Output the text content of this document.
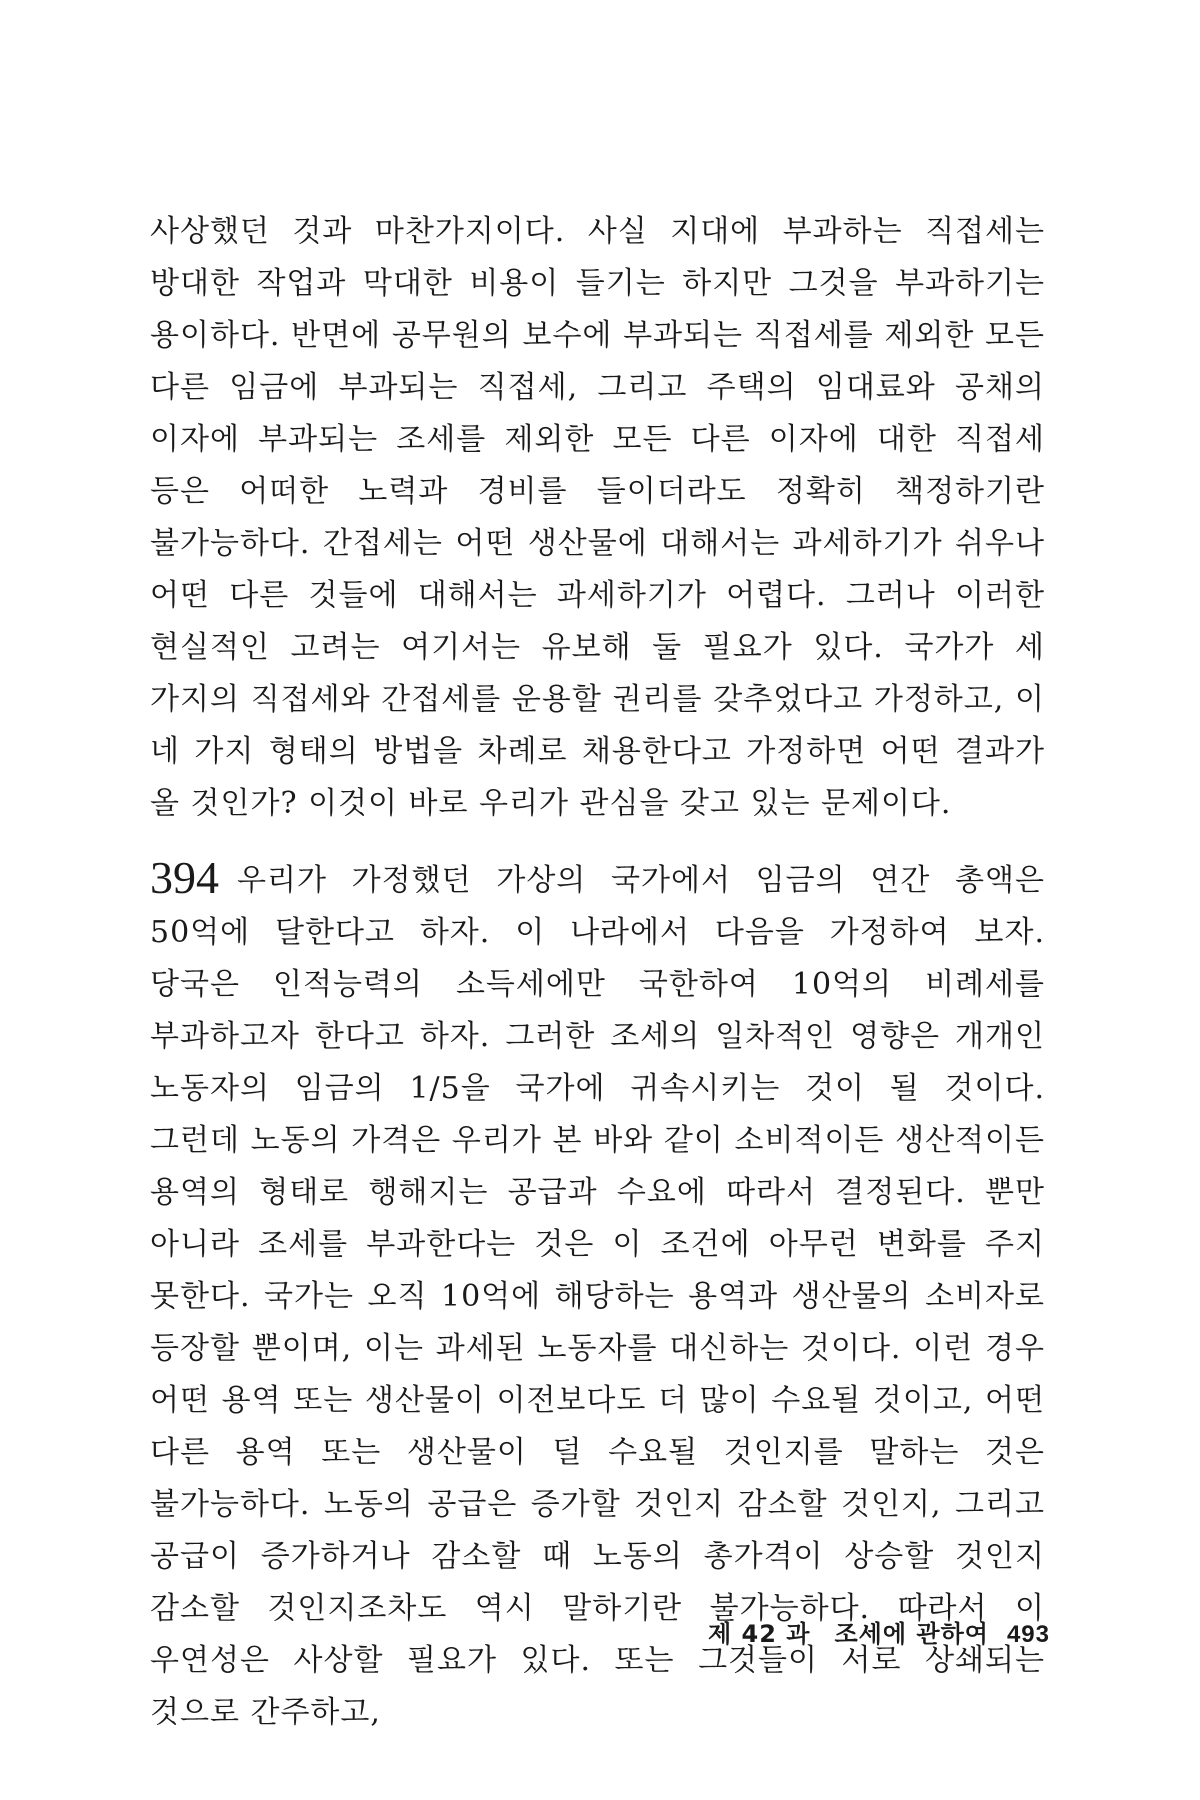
사상했던 것과 마찬가지이다. 사실 지대에 부과하는 직접세는 방대한 작업과 막대한 비용이 들기는 하지만 그것을 부과하기는 용이하다. 반면에 공무원의 보수에 부과되는 직접세를 제외한 모든 다른 임금에 부과되는 직접세, 그리고 주택의 임대료와 공채의 이자에 부과되는 조세를 제외한 모든 다른 이자에 대한 직접세 등은 어떠한 노력과 경비를 들이더라도 정확히 책정하기란 불가능하다. 간접세는 어떤 생산물에 대해서는 과세하기가 쉬우나 어떤 다른 것들에 대해서는 과세하기가 어렵다. 그러나 이러한 현실적인 고려는 여기서는 유보해 둘 필요가 있다. 국가가 세 가지의 직접세와 간접세를 운용할 권리를 갖추었다고 가정하고, 이 네 가지 형태의 방법을 차례로 채용한다고 가정하면 어떤 결과가 올 것인가? 이것이 바로 우리가 관심을 갖고 있는 문제이다.

394 우리가 가정했던 가상의 국가에서 임금의 연간 총액은 50억에 달한다고 하자. 이 나라에서 다음을 가정하여 보자. 당국은 인적능력의 소득세에만 국한하여 10억의 비례세를 부과하고자 한다고 하자. 그러한 조세의 일차적인 영향은 개개인 노동자의 임금의 1/5을 국가에 귀속시키는 것이 될 것이다. 그런데 노동의 가격은 우리가 본 바와 같이 소비적이든 생산적이든 용역의 형태로 행해지는 공급과 수요에 따라서 결정된다. 뿐만 아니라 조세를 부과한다는 것은 이 조건에 아무런 변화를 주지 못한다. 국가는 오직 10억에 해당하는 용역과 생산물의 소비자로 등장할 뿐이며, 이는 과세된 노동자를 대신하는 것이다. 이런 경우 어떤 용역 또는 생산물이 이전보다도 더 많이 수요될 것이고, 어떤 다른 용역 또는 생산물이 덜 수요될 것인지를 말하는 것은 불가능하다. 노동의 공급은 증가할 것인지 감소할 것인지, 그리고 공급이 증가하거나 감소할 때 노동의 총가격이 상승할 것인지 감소할 것인지조차도 역시 말하기란 불가능하다. 따라서 이 우연성은 사상할 필요가 있다. 또는 그것들이 서로 상쇄되는 것으로 간주하고,

제 42 과 조세에 관하여 493
